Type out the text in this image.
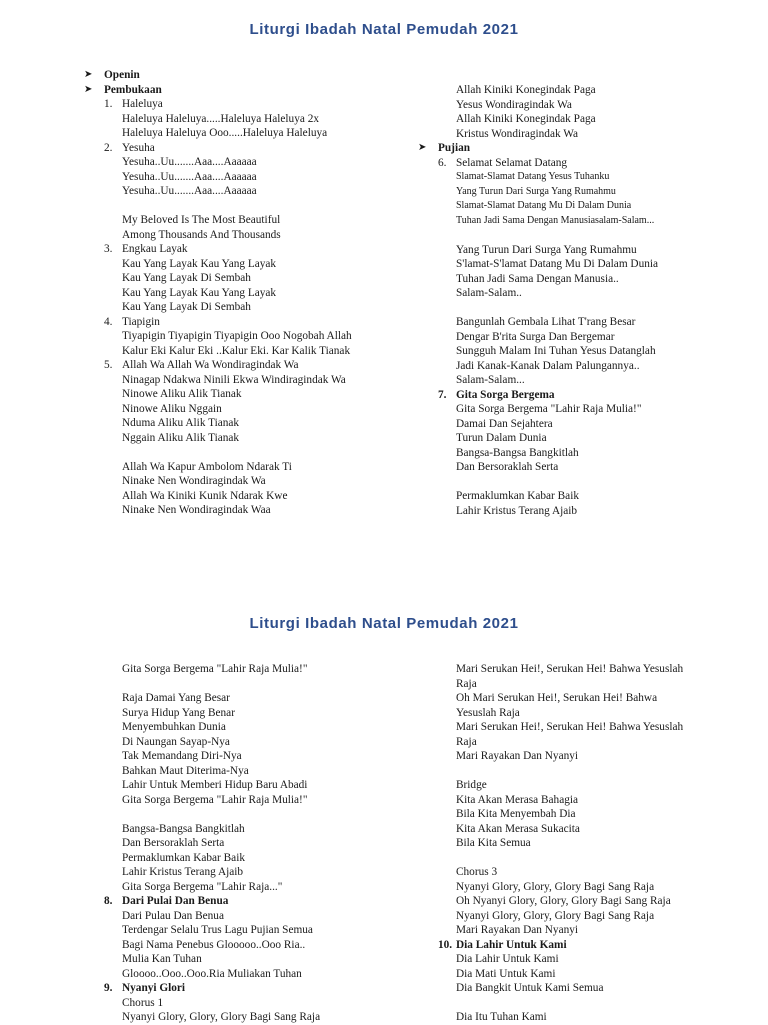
Liturgi Ibadah Natal Pemudah 2021
➤ Openin
➤ Pembukaan
1. Haleluya
Haleluya Haleluya.....Haleluya Haleluya 2x
Haleluya Haleluya Ooo.....Haleluya Haleluya
2. Yesuha
Yesuha..Uu.......Aaa....Aaaaaa
Yesuha..Uu.......Aaa....Aaaaaa
Yesuha..Uu.......Aaa....Aaaaaa
My Beloved Is The Most Beautiful
Among Thousands And Thousands
3. Engkau Layak
Kau Yang Layak Kau Yang Layak
Kau Yang Layak Di Sembah
Kau Yang Layak Kau Yang Layak
Kau Yang Layak Di Sembah
4. Tiapigin
Tiyapigin Tiyapigin Tiyapigin Ooo Nogobah Allah
Kalur Eki Kalur Eki ..Kalur Eki. Kar Kalik Tianak
5. Allah Wa Allah Wa Wondiragindak Wa
Ninagap Ndakwa Ninili Ekwa Windiragindak Wa
Ninowe Aliku Alik Tianak
Ninowe Aliku Nggain
Nduma Aliku Alik Tianak
Nggain Aliku Alik Tianak
Allah Wa Kapur Ambolom Ndarak Ti
Ninake Nen Wondiragindak Wa
Allah Wa Kiniki Kunik Ndarak Kwe
Ninake Nen Wondiragindak Waa
Allah Kiniki Konegindak Paga
Yesus Wondiragindak Wa
Allah Kiniki Konegindak Paga
Kristus Wondiragindak Wa
➤ Pujian
6. Selamat Selamat Datang
Slamat-Slamat Datang Yesus Tuhanku
Yang Turun Dari Surga Yang Rumahmu
Slamat-Slamat Datang Mu Di Dalam Dunia
Tuhan Jadi Sama Dengan Manusiasalam-Salam...
Yang Turun Dari Surga Yang Rumahmu
S'lamat-S'lamat Datang Mu Di Dalam Dunia
Tuhan Jadi Sama Dengan Manusia..
Salam-Salam..
Bangunlah Gembala Lihat T'rang Besar
Dengar B'rita Surga Dan Bergemar
Sungguh Malam Ini Tuhan Yesus Datanglah
Jadi Kanak-Kanak Dalam Palungannya..
Salam-Salam...
7. Gita Sorga Bergema
Gita Sorga Bergema "Lahir Raja Mulia!"
Damai Dan Sejahtera
Turun Dalam Dunia
Bangsa-Bangsa Bangkitlah
Dan Bersoraklah Serta
Permaklumkan Kabar Baik
Lahir Kristus Terang Ajaib
Liturgi Ibadah Natal Pemudah 2021
Gita Sorga Bergema "Lahir Raja Mulia!"
Raja Damai Yang Besar
Surya Hidup Yang Benar
Menyembuhkan Dunia
Di Naungan Sayap-Nya
Tak Memandang Diri-Nya
Bahkan Maut Diterima-Nya
Lahir Untuk Memberi Hidup Baru Abadi
Gita Sorga Bergema "Lahir Raja Mulia!"
Bangsa-Bangsa Bangkitlah
Dan Bersoraklah Serta
Permaklumkan Kabar Baik
Lahir Kristus Terang Ajaib
Gita Sorga Bergema "Lahir Raja..."
8. Dari Pulai Dan Benua
Dari Pulau Dan Benua
Terdengar Selalu Trus Lagu Pujian Semua
Bagi Nama Penebus Glooooo..Ooo Ria..
Mulia Kan Tuhan
Gloooo..Ooo..Ooo.Ria Muliakan Tuhan
9. Nyanyi Glori
Chorus 1
Nyanyi Glory, Glory, Glory Bagi Sang Raja
Mari Serukan Hei!, Serukan Hei! Bahwa Yesuslah
Raja
Oh Mari Serukan Hei!, Serukan Hei! Bahwa
Yesuslah Raja
Mari Serukan Hei!, Serukan Hei! Bahwa Yesuslah
Raja
Mari Rayakan Dan Nyanyi
Bridge
Kita Akan Merasa Bahagia
Bila Kita Menyembah Dia
Kita Akan Merasa Sukacita
Bila Kita Semua
Chorus 3
Nyanyi Glory, Glory, Glory Bagi Sang Raja
Oh Nyanyi Glory, Glory, Glory Bagi Sang Raja
Nyanyi Glory, Glory, Glory Bagi Sang Raja
Mari Rayakan Dan Nyanyi
10. Dia Lahir Untuk Kami
Dia Lahir Untuk Kami
Dia Mati Untuk Kami
Dia Bangkit Untuk Kami Semua
Dia Itu Tuhan Kami
